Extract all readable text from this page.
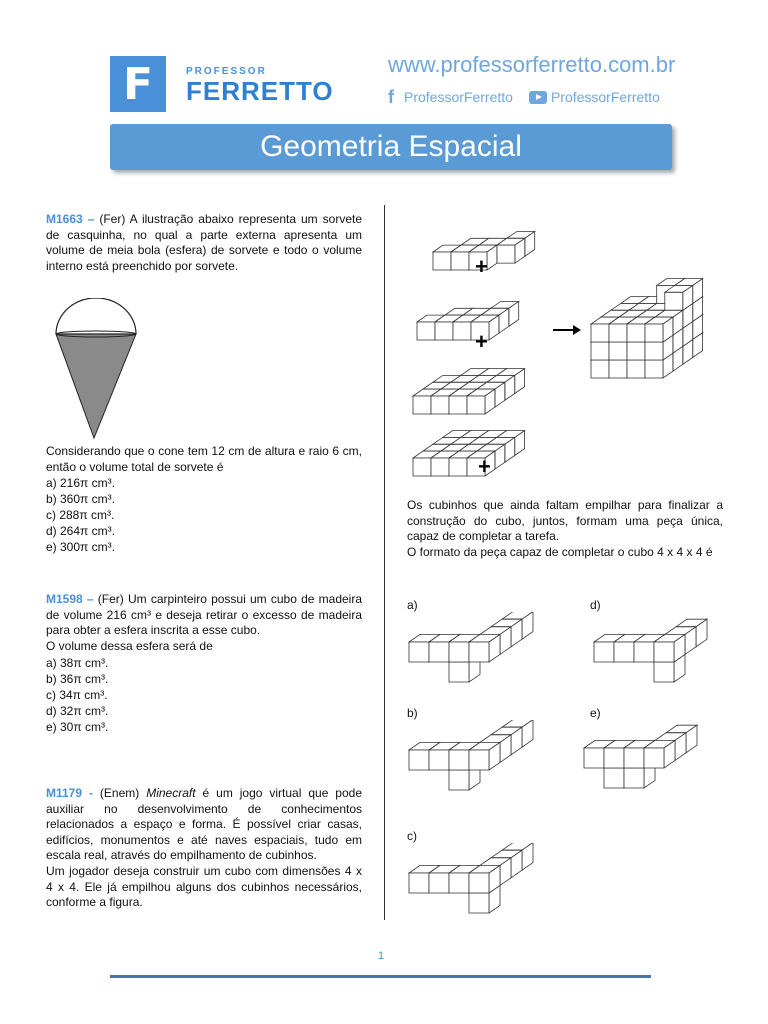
F	PROFESSOR
FERRETTO
www.professorferretto.com.br
f ProfessorFerretto	ProfessorFerretto
Geometria Espacial
M1663 – (Fer) A ilustração abaixo representa um sorvete de casquinha, no qual a parte externa apresenta um volume de meia bola (esfera) de sorvete e todo o volume interno está preenchido por sorvete.
Considerando que o cone tem 12 cm de altura e raio 6 cm, então o volume total de sorvete é
a) 216π cm³.
b) 360π cm³.
c) 288π cm³.
d) 264π cm³.
e) 300π cm³.
M1598 – (Fer) Um carpinteiro possui um cubo de madeira de volume 216 cm³ e deseja retirar o excesso de madeira para obter a esfera inscrita a esse cubo.
O volume dessa esfera será de
a) 38π cm³.
b) 36π cm³.
c) 34π cm³.
d) 32π cm³.
e) 30π cm³.
M1179 - (Enem) Minecraft é um jogo virtual que pode auxiliar no desenvolvimento de conhecimentos relacionados a espaço e forma. É possível criar casas, edifícios, monumentos e até naves espaciais, tudo em escala real, através do empilhamento de cubinhos.
Um jogador deseja construir um cubo com dimensões 4 x 4 x 4. Ele já empilhou alguns dos cubinhos necessários, conforme a figura.
+
+
+
Os cubinhos que ainda faltam empilhar para finalizar a construção do cubo, juntos, formam uma peça única, capaz de completar a tarefa.
O formato da peça capaz de completar o cubo 4 x 4 x 4 é
a)	d)
b)	e)
c)
1
